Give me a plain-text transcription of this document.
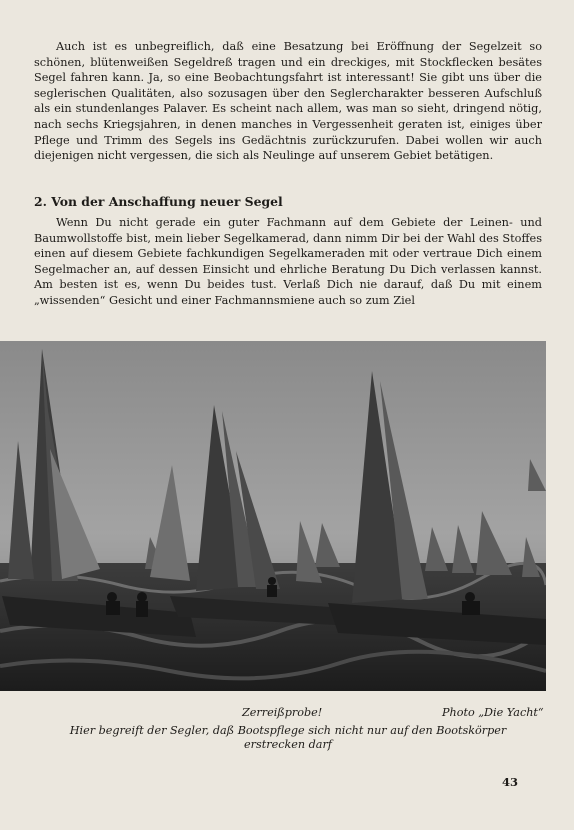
Auch ist es unbegreiflich, daß eine Besatzung bei Eröffnung der Segelzeit so schönen, blütenweißen Segeldreß tragen und ein dreckiges, mit Stockflecken besätes Segel fahren kann. Ja, so eine Beobachtungsfahrt ist interessant! Sie gibt uns über die seglerischen Qualitäten, also sozusagen über den Seglercharakter besseren Aufschluß als ein stundenlanges Palaver. Es scheint nach allem, was man so sieht, dringend nötig, nach sechs Kriegsjahren, in denen manches in Vergessenheit geraten ist, einiges über Pflege und Trimm des Segels ins Gedächtnis zurückzurufen. Dabei wollen wir auch diejenigen nicht vergessen, die sich als Neulinge auf unserem Gebiet betätigen.

2. Von der Anschaffung neuer Segel

Wenn Du nicht gerade ein guter Fachmann auf dem Gebiete der Leinen- und Baumwollstoffe bist, mein lieber Segelkamerad, dann nimm Dir bei der Wahl des Stoffes einen auf diesem Gebiete fachkundigen Segelkameraden mit oder vertraue Dich einem Segelmacher an, auf dessen Einsicht und ehrliche Beratung Du Dich verlassen kannst. Am besten ist es, wenn Du beides tust. Verlaß Dich nie darauf, daß Du mit einem „wissenden“ Gesicht und einer Fachmannsmiene auch so zum Ziel

Zerreißprobe!	Photo „Die Yacht“
Hier begreift der Segler, daß Bootspflege sich nicht nur auf den Bootskörper erstrecken darf
43
